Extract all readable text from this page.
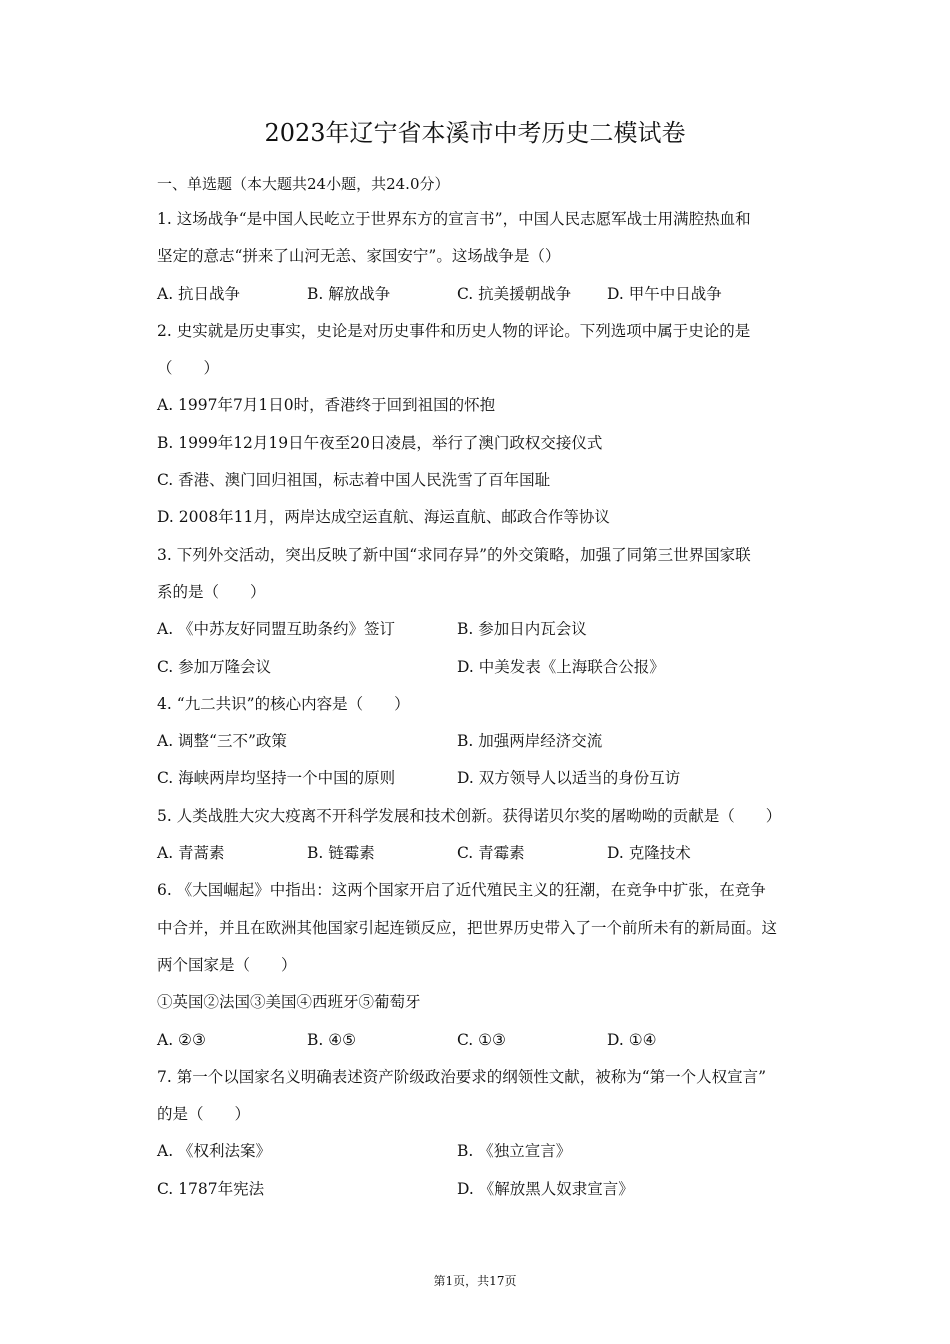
2023年辽宁省本溪市中考历史二模试卷
一、单选题（本大题共24小题，共24.0分）
1. 这场战争“是中国人民屹立于世界东方的宣言书”，中国人民志愿军战士用满腔热血和
坚定的意志“拼来了山河无恙、家国安宁”。这场战争是（）
A. 抗日战争	B. 解放战争	C. 抗美援朝战争 D. 甲午中日战争
2. 史实就是历史事实，史论是对历史事件和历史人物的评论。下列选项中属于史论的是
（　　）
A. 1997年7月1日0时，香港终于回到祖国的怀抱
B. 1999年12月19日午夜至20日凌晨，举行了澳门政权交接仪式
C. 香港、澳门回归祖国，标志着中国人民洗雪了百年国耻
D. 2008年11月，两岸达成空运直航、海运直航、邮政合作等协议
3. 下列外交活动，突出反映了新中国“求同存异”的外交策略，加强了同第三世界国家联
系的是（　　）
A. 《中苏友好同盟互助条约》签订	B. 参加日内瓦会议
C. 参加万隆会议	D. 中美发表《上海联合公报》
4. “九二共识”的核心内容是（　　）
A. 调整“三不”政策	B. 加强两岸经济交流
C. 海峡两岸均坚持一个中国的原则	D. 双方领导人以适当的身份互访
5. 人类战胜大灾大疫离不开科学发展和技术创新。获得诺贝尔奖的屠呦呦的贡献是（　　）
A. 青蒿素	B. 链霉素	C. 青霉素	D. 克隆技术
6. 《大国崛起》中指出：这两个国家开启了近代殖民主义的狂潮，在竞争中扩张，在竞争
中合并，并且在欧洲其他国家引起连锁反应，把世界历史带入了一个前所未有的新局面。这
两个国家是（　　）
①英国②法国③美国④西班牙⑤葡萄牙
A. ②③	B. ④⑤	C. ①③	D. ①④
7. 第一个以国家名义明确表述资产阶级政治要求的纲领性文献，被称为“第一个人权宣言”
的是（　　）
A. 《权利法案》	B. 《独立宣言》
C. 1787年宪法	D. 《解放黑人奴隶宣言》
第1页，共17页
